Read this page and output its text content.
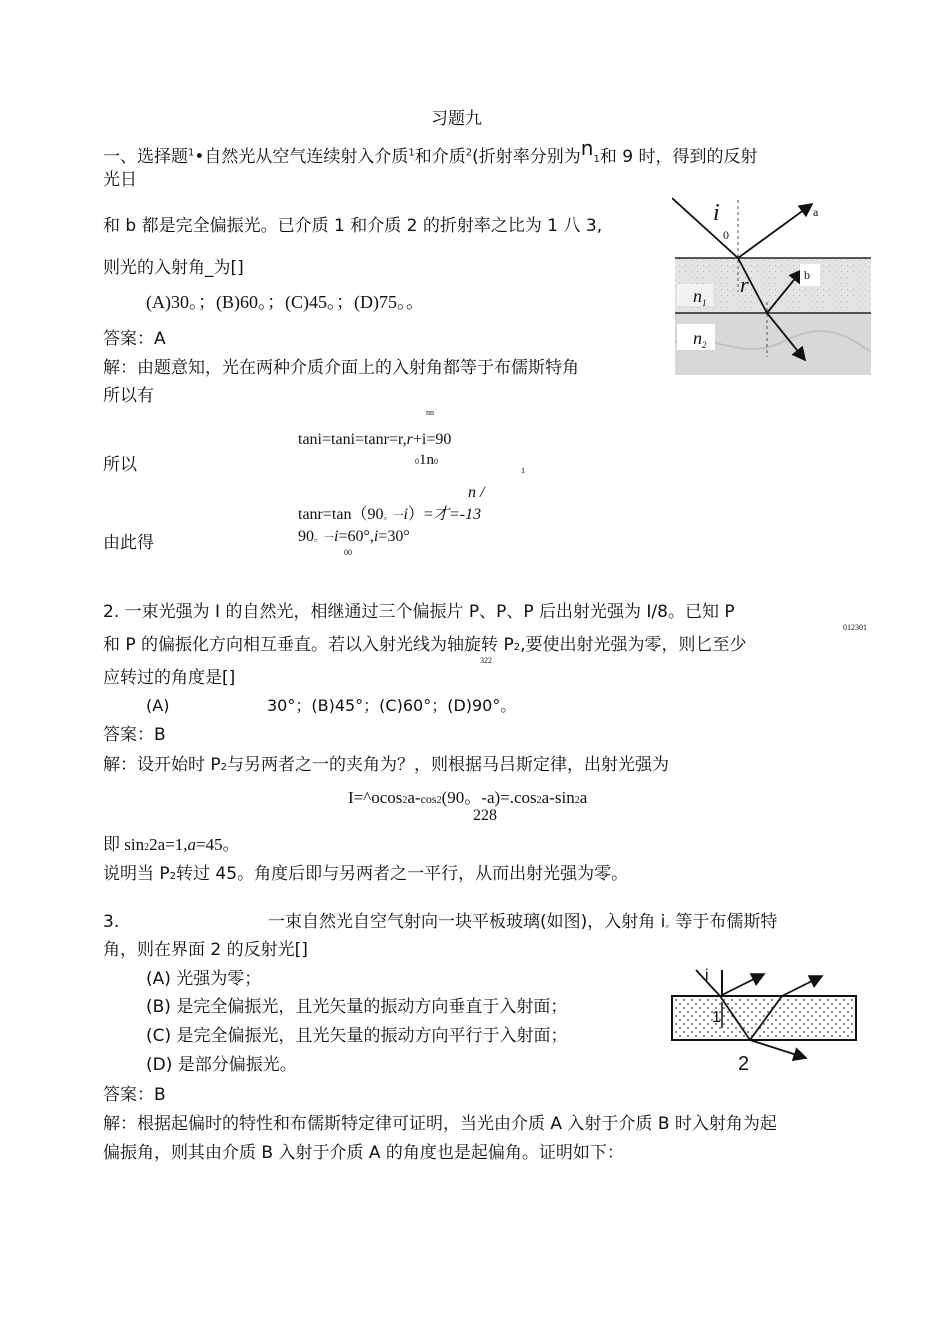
习题九
一、选择题$^1$•自然光从空气连续射入介质$^1$和介质$^2$(折射率分别为n1和 9 时，得到的反射
光日
和 b 都是完全偏振光。已介质 1 和介质 2 的折射率之比为 1 八 3,
则光的入射角_为[]
(A)30。；(B)60。；(C)45。；(D)75。。
答案：A
解：由题意知，光在两种介质介面上的入射角都等于布儒斯特角
所以有
nn
tani=tani=tanr=r,r+i=90
01n0
所以	1
n /
tanr=tan（90。一i）=才=-13
由此得	90。一i=60°,i=30°
00
i
0
a
r	b
$n_1$
$n_2$
2. 一束光强为 I 的自然光，相继通过三个偏振片 P、P、P 后出射光强为 I/8。已知 P
012301
和 P 的偏振化方向相互垂直。若以入射光线为轴旋转 P2,要使出射光强为零，则匕至少
322
应转过的角度是[]
(A)	30°；(B)45°；(C)60°；(D)90°。
答案：B
解：设开始时 P2与另两者之一的夹角为？，则根据马吕斯定律，出射光强为
I=^ocos2a-cos2(90。-a)=.cos2a-sin2a
228
即 sin22a=1,a=45。
说明当 P2转过 45。角度后即与另两者之一平行，从而出射光强为零。
3.	一束自然光自空气射向一块平板玻璃(如图)，入射角 i。等于布儒斯特
角，则在界面 2 的反射光[]
(A) 光强为零；
(B) 是完全偏振光，且光矢量的振动方向垂直于入射面；
(C) 是完全偏振光，且光矢量的振动方向平行于入射面；
(D) 是部分偏振光。
答案：B
解：根据起偏时的特性和布儒斯特定律可证明，当光由介质 A 入射于介质 B 时入射角为起
偏振角，则其由介质 B 入射于介质 A 的角度也是起偏角。证明如下：
i
1
2
